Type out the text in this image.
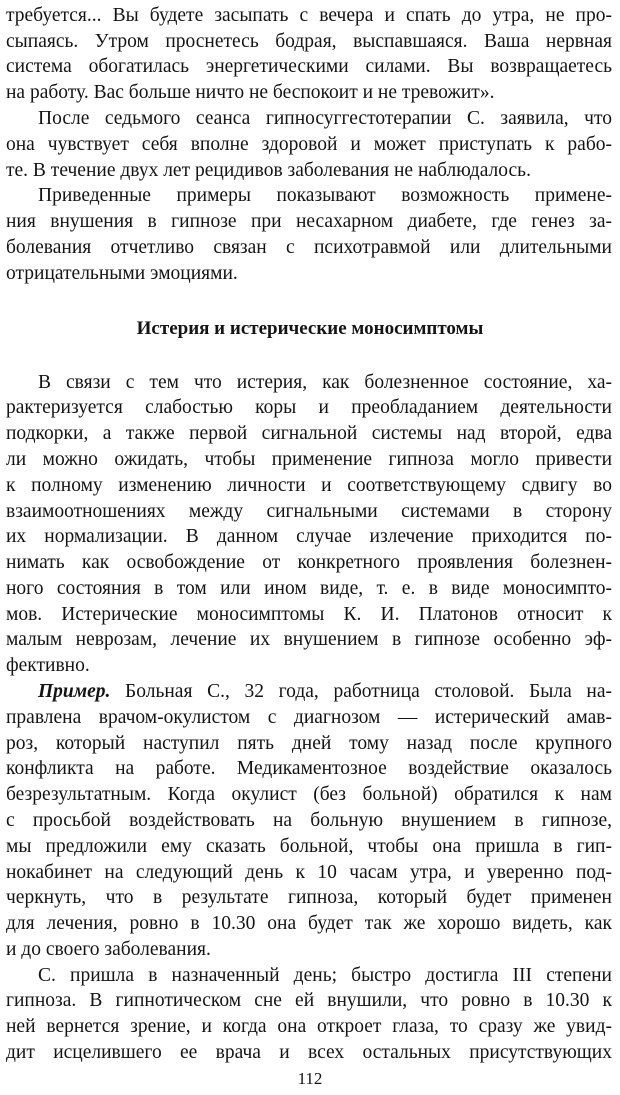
требуется... Вы будете засыпать с вечера и спать до утра, не про-
сыпаясь. Утром проснетесь бодрая, выспавшаяся. Ваша нервная
система обогатилась энергетическими силами. Вы возвращаетесь
на работу. Вас больше ничто не беспокоит и не тревожит».
После седьмого сеанса гипносуггестотерапии С. заявила, что
она чувствует себя вполне здоровой и может приступать к рабо-
те. В течение двух лет рецидивов заболевания не наблюдалось.
Приведенные примеры показывают возможность применe-
ния внушения в гипнозе при несахарном диабете, где генез за-
болевания отчетливо связан с психотравмой или длительными
отрицательными эмоциями.
Истерия и истерические моносимптомы
В связи с тем что истерия, как болезненное состояние, ха-
рактеризуется слабостью коры и преобладанием деятельности
подкорки, а также первой сигнальной системы над второй, едва
ли можно ожидать, чтобы применение гипноза могло привести
к полному изменению личности и соответствующему сдвигу во
взаимоотношениях между сигнальными системами в сторону
их нормализации. В данном случае излечение приходится по-
нимать как освобождение от конкретного проявления болезнен-
ного состояния в том или ином виде, т. е. в виде моносимпто-
мов. Истерические моносимптомы К. И. Платонов относит к
малым неврозам, лечение их внушением в гипнозе особенно эф-
фективно.
Пример. Больная С., 32 года, работница столовой. Была на-
правлена врачом-окулистом с диагнозом — истерический амав-
роз, который наступил пять дней тому назад после крупного
конфликта на работе. Медикаментозное воздействие оказалось
безрезультатным. Когда окулист (без больной) обратился к нам
с просьбой воздействовать на больную внушением в гипнозе,
мы предложили ему сказать больной, чтобы она пришла в гип-
нокабинет на следующий день к 10 часам утра, и уверенно под-
черкнуть, что в результате гипноза, который будет применен
для лечения, ровно в 10.30 она будет так же хорошо видеть, как
и до своего заболевания.
С. пришла в назначенный день; быстро достигла III степени
гипноза. В гипнотическом сне ей внушили, что ровно в 10.30 к
ней вернется зрение, и когда она откроет глаза, то сразу же увид-
дит исцелившего ее врача и всех остальных присутствующих
112
